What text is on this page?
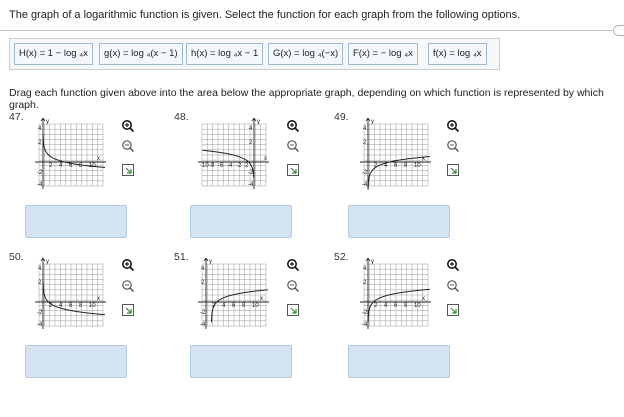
The graph of a logarithmic function is given. Select the function for each graph from the following options.
H(x) = 1 − log ₄x	g(x) = log ₄(x − 1)	h(x) = log ₄x − 1	G(x) = log ₄(−x)	F(x) = − log ₄x	f(x) = log ₄x
Drag each function given above into the area below the appropriate graph, depending on which function is represented by which graph.
47.	y
x
4
2
-2
-4
2 4 6 8 10
48.	y
x
4
2
-2
-4
-10 -8 -6 -4 -2 2
49.	y
x
4
2
-2
-4
2 4 6 8 10
50.	y
x
4
2
-2
-4
2 4 6 8 10
51.	y
x
4
2
-2
-4
2 4 6 8 10
52.	y
x
4
2
-2
-4
2 4 6 8 10
